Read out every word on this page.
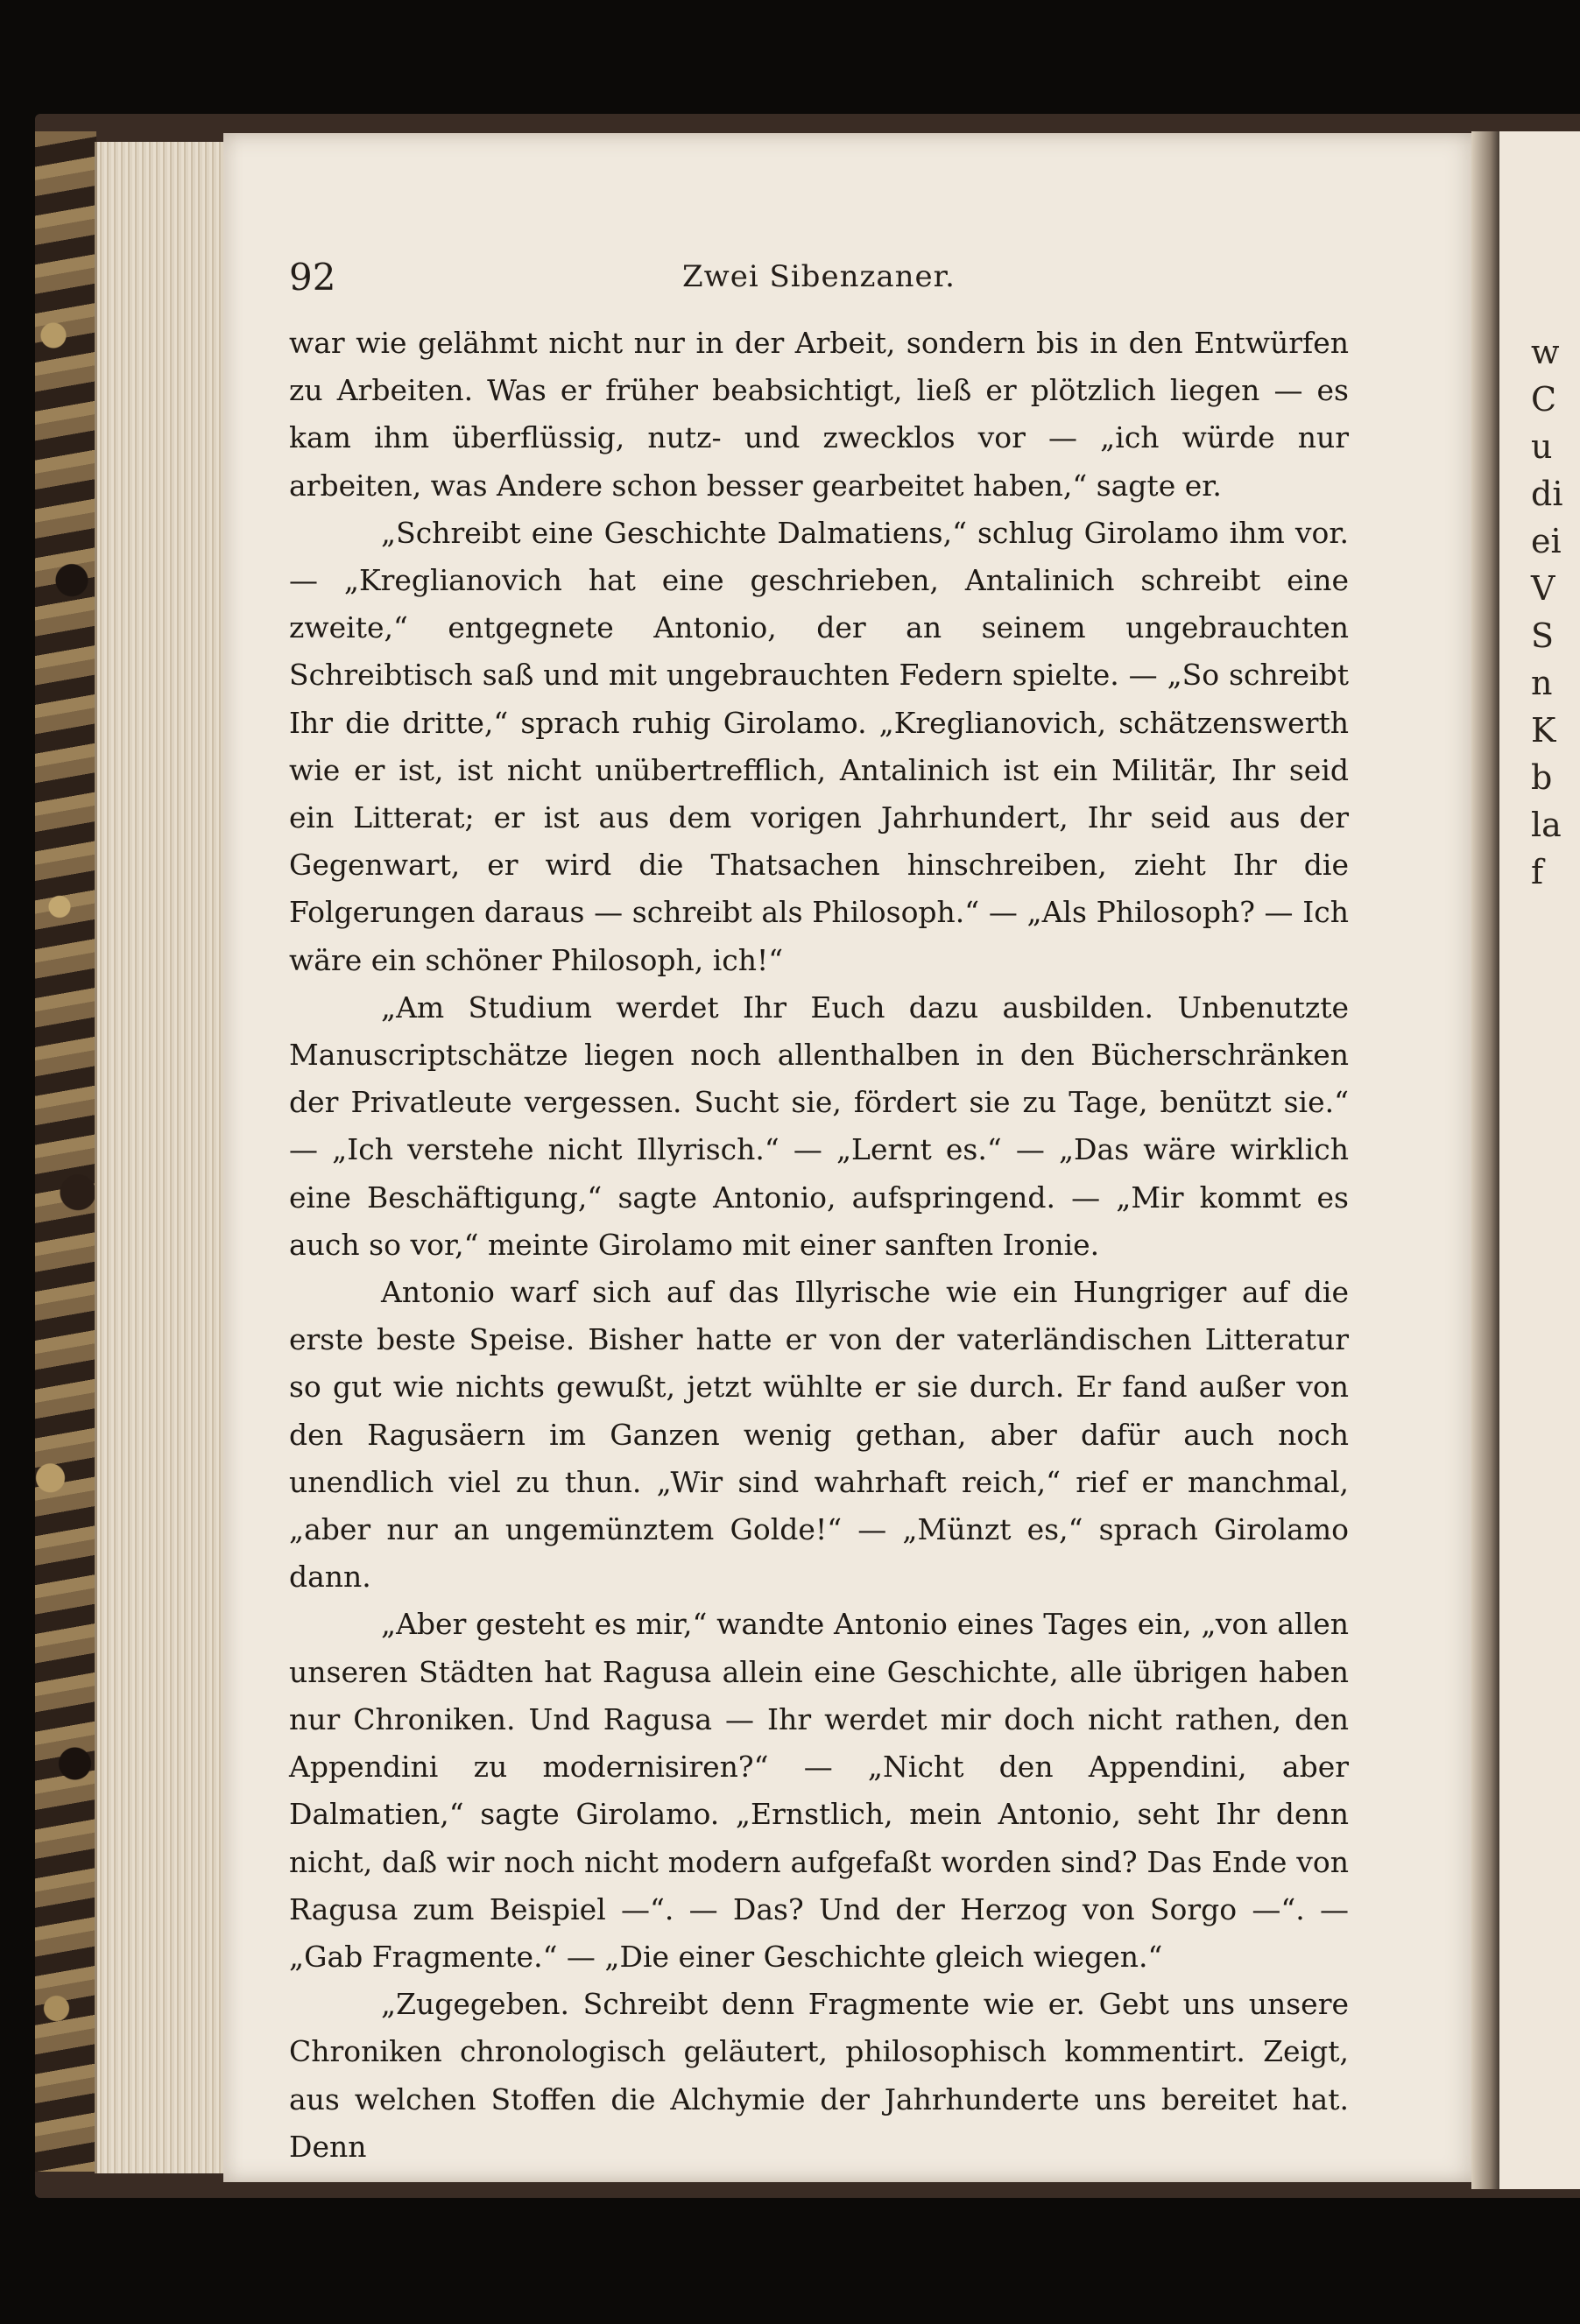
92	Zwei Sibenzaner.

war wie gelähmt nicht nur in der Arbeit, sondern bis in den Entwürfen zu Arbeiten. Was er früher beabsichtigt, ließ er plötzlich liegen — es kam ihm überflüssig, nutz- und zwecklos vor — „ich würde nur arbeiten, was Andere schon besser gearbeitet haben,“ sagte er.

„Schreibt eine Geschichte Dalmatiens,“ schlug Girolamo ihm vor. — „Kreglianovich hat eine geschrieben, Antalinich schreibt eine zweite,“ entgegnete Antonio, der an seinem ungebrauchten Schreibtisch saß und mit ungebrauchten Federn spielte. — „So schreibt Ihr die dritte,“ sprach ruhig Girolamo. „Kreglianovich, schätzenswerth wie er ist, ist nicht unübertrefflich, Antalinich ist ein Militär, Ihr seid ein Litterat; er ist aus dem vorigen Jahrhundert, Ihr seid aus der Gegenwart, er wird die Thatsachen hinschreiben, zieht Ihr die Folgerungen daraus — schreibt als Philosoph.“ — „Als Philosoph? — Ich wäre ein schöner Philosoph, ich!“

„Am Studium werdet Ihr Euch dazu ausbilden. Unbenutzte Manuscriptschätze liegen noch allenthalben in den Bücherschränken der Privatleute vergessen. Sucht sie, fördert sie zu Tage, benützt sie.“ — „Ich verstehe nicht Illyrisch.“ — „Lernt es.“ — „Das wäre wirklich eine Beschäftigung,“ sagte Antonio, aufspringend. — „Mir kommt es auch so vor,“ meinte Girolamo mit einer sanften Ironie.

Antonio warf sich auf das Illyrische wie ein Hungriger auf die erste beste Speise. Bisher hatte er von der vaterländischen Litteratur so gut wie nichts gewußt, jetzt wühlte er sie durch. Er fand außer von den Ragusäern im Ganzen wenig gethan, aber dafür auch noch unendlich viel zu thun. „Wir sind wahrhaft reich,“ rief er manchmal, „aber nur an ungemünztem Golde!“ — „Münzt es,“ sprach Girolamo dann.

„Aber gesteht es mir,“ wandte Antonio eines Tages ein, „von allen unseren Städten hat Ragusa allein eine Geschichte, alle übrigen haben nur Chroniken. Und Ragusa — Ihr werdet mir doch nicht rathen, den Appendini zu modernisiren?“ — „Nicht den Appendini, aber Dalmatien,“ sagte Girolamo. „Ernstlich, mein Antonio, seht Ihr denn nicht, daß wir noch nicht modern aufgefaßt worden sind? Das Ende von Ragusa zum Beispiel —“. — Das? Und der Herzog von Sorgo —“. — „Gab Fragmente.“ — „Die einer Geschichte gleich wiegen.“

„Zugegeben. Schreibt denn Fragmente wie er. Gebt uns unsere Chroniken chronologisch geläutert, philosophisch kommentirt. Zeigt, aus welchen Stoffen die Alchymie der Jahrhunderte uns bereitet hat. Denn

w
C
u
di
ei
V
S
n
K
b
la
f
